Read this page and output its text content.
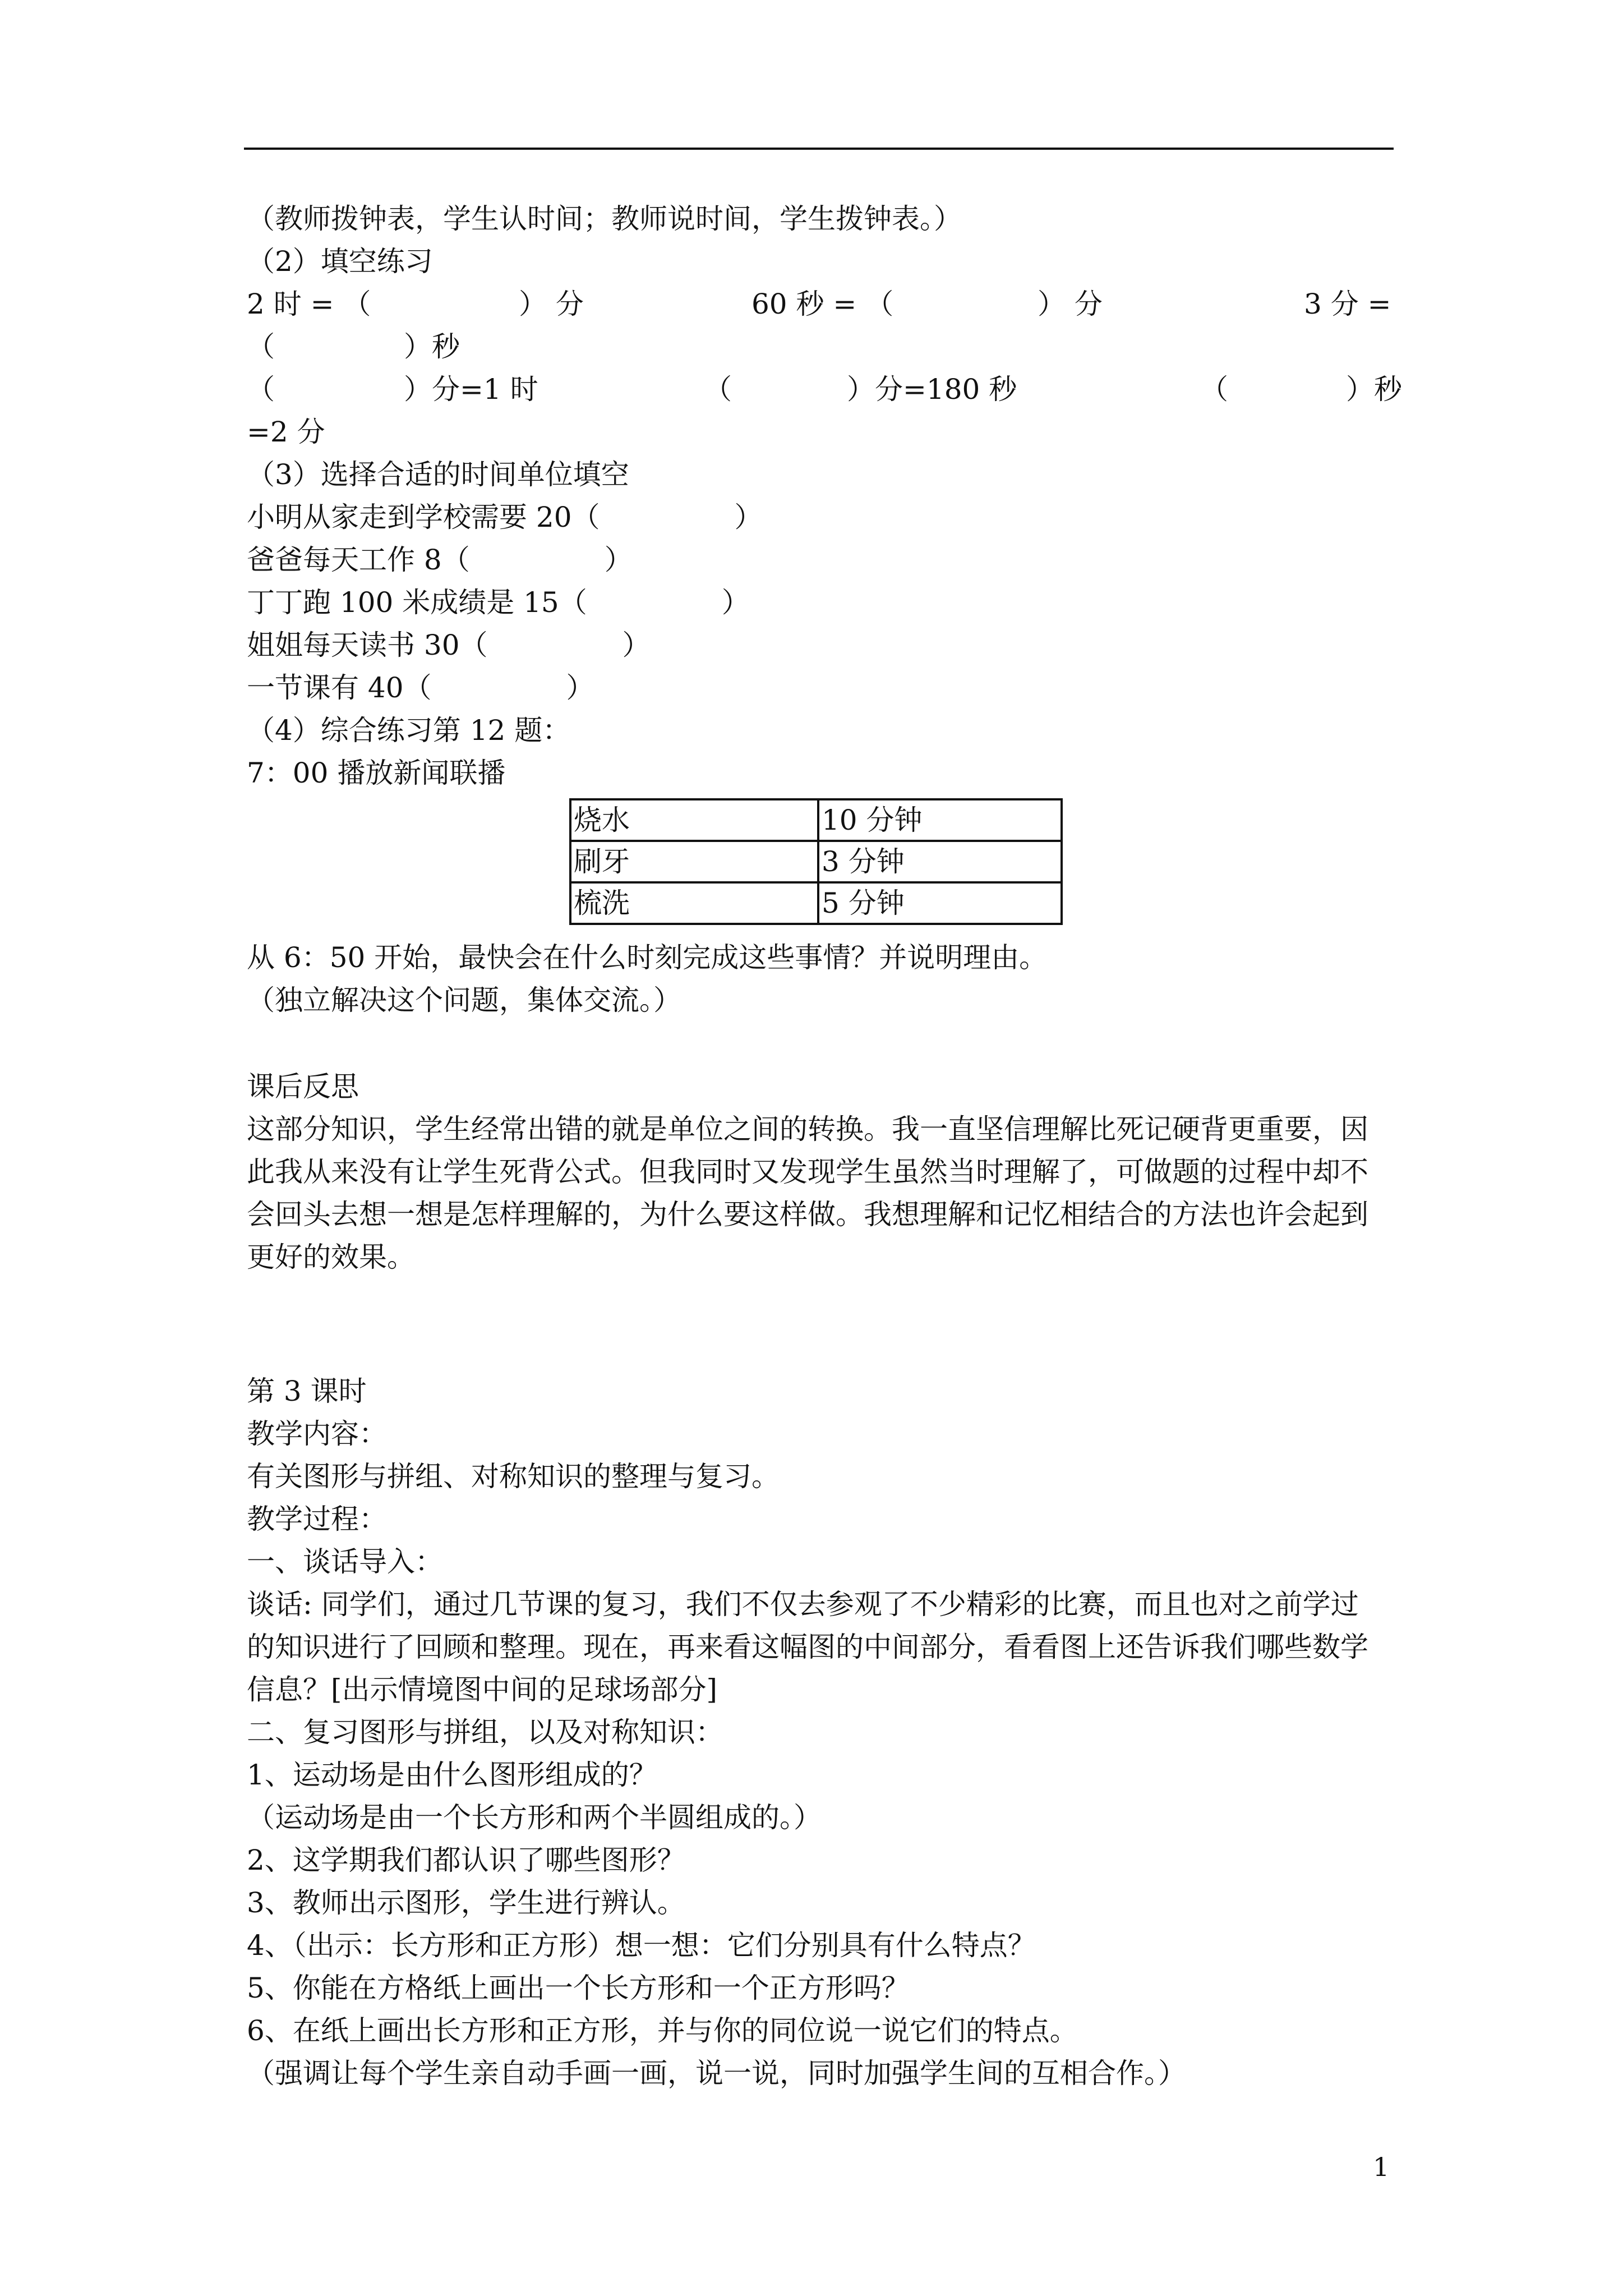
（教师拨钟表，学生认时间；教师说时间，学生拨钟表。）
（2）填空练习
2 时 = （	） 分	60 秒 = （	） 分	3 分 =
（	）秒
（	）分=1 时	（	）分=180 秒	（	）秒
=2 分
（3）选择合适的时间单位填空
小明从家走到学校需要 20（	）
爸爸每天工作 8（	）
丁丁跑 100 米成绩是 15（	）
姐姐每天读书 30（	）
一节课有 40（	）
（4）综合练习第 12 题：
7：00 播放新闻联播
烧水	10 分钟
刷牙	3 分钟
梳洗	5 分钟
从 6：50 开始，最快会在什么时刻完成这些事情？并说明理由。
（独立解决这个问题，集体交流。）
课后反思
这部分知识，学生经常出错的就是单位之间的转换。我一直坚信理解比死记硬背更重要，因
此我从来没有让学生死背公式。但我同时又发现学生虽然当时理解了，可做题的过程中却不
会回头去想一想是怎样理解的，为什么要这样做。我想理解和记忆相结合的方法也许会起到
更好的效果。
第 3 课时
教学内容：
有关图形与拼组、对称知识的整理与复习。
教学过程：
一、谈话导入：
谈话: 同学们，通过几节课的复习，我们不仅去参观了不少精彩的比赛，而且也对之前学过
的知识进行了回顾和整理。现在，再来看这幅图的中间部分，看看图上还告诉我们哪些数学
信息？[出示情境图中间的足球场部分]
二、复习图形与拼组，以及对称知识：
1、运动场是由什么图形组成的？
（运动场是由一个长方形和两个半圆组成的。）
2、这学期我们都认识了哪些图形？
3、教师出示图形，学生进行辨认。
4、（出示：长方形和正方形）想一想：它们分别具有什么特点？
5、你能在方格纸上画出一个长方形和一个正方形吗？
6、在纸上画出长方形和正方形，并与你的同位说一说它们的特点。
（强调让每个学生亲自动手画一画，说一说，同时加强学生间的互相合作。）
1
